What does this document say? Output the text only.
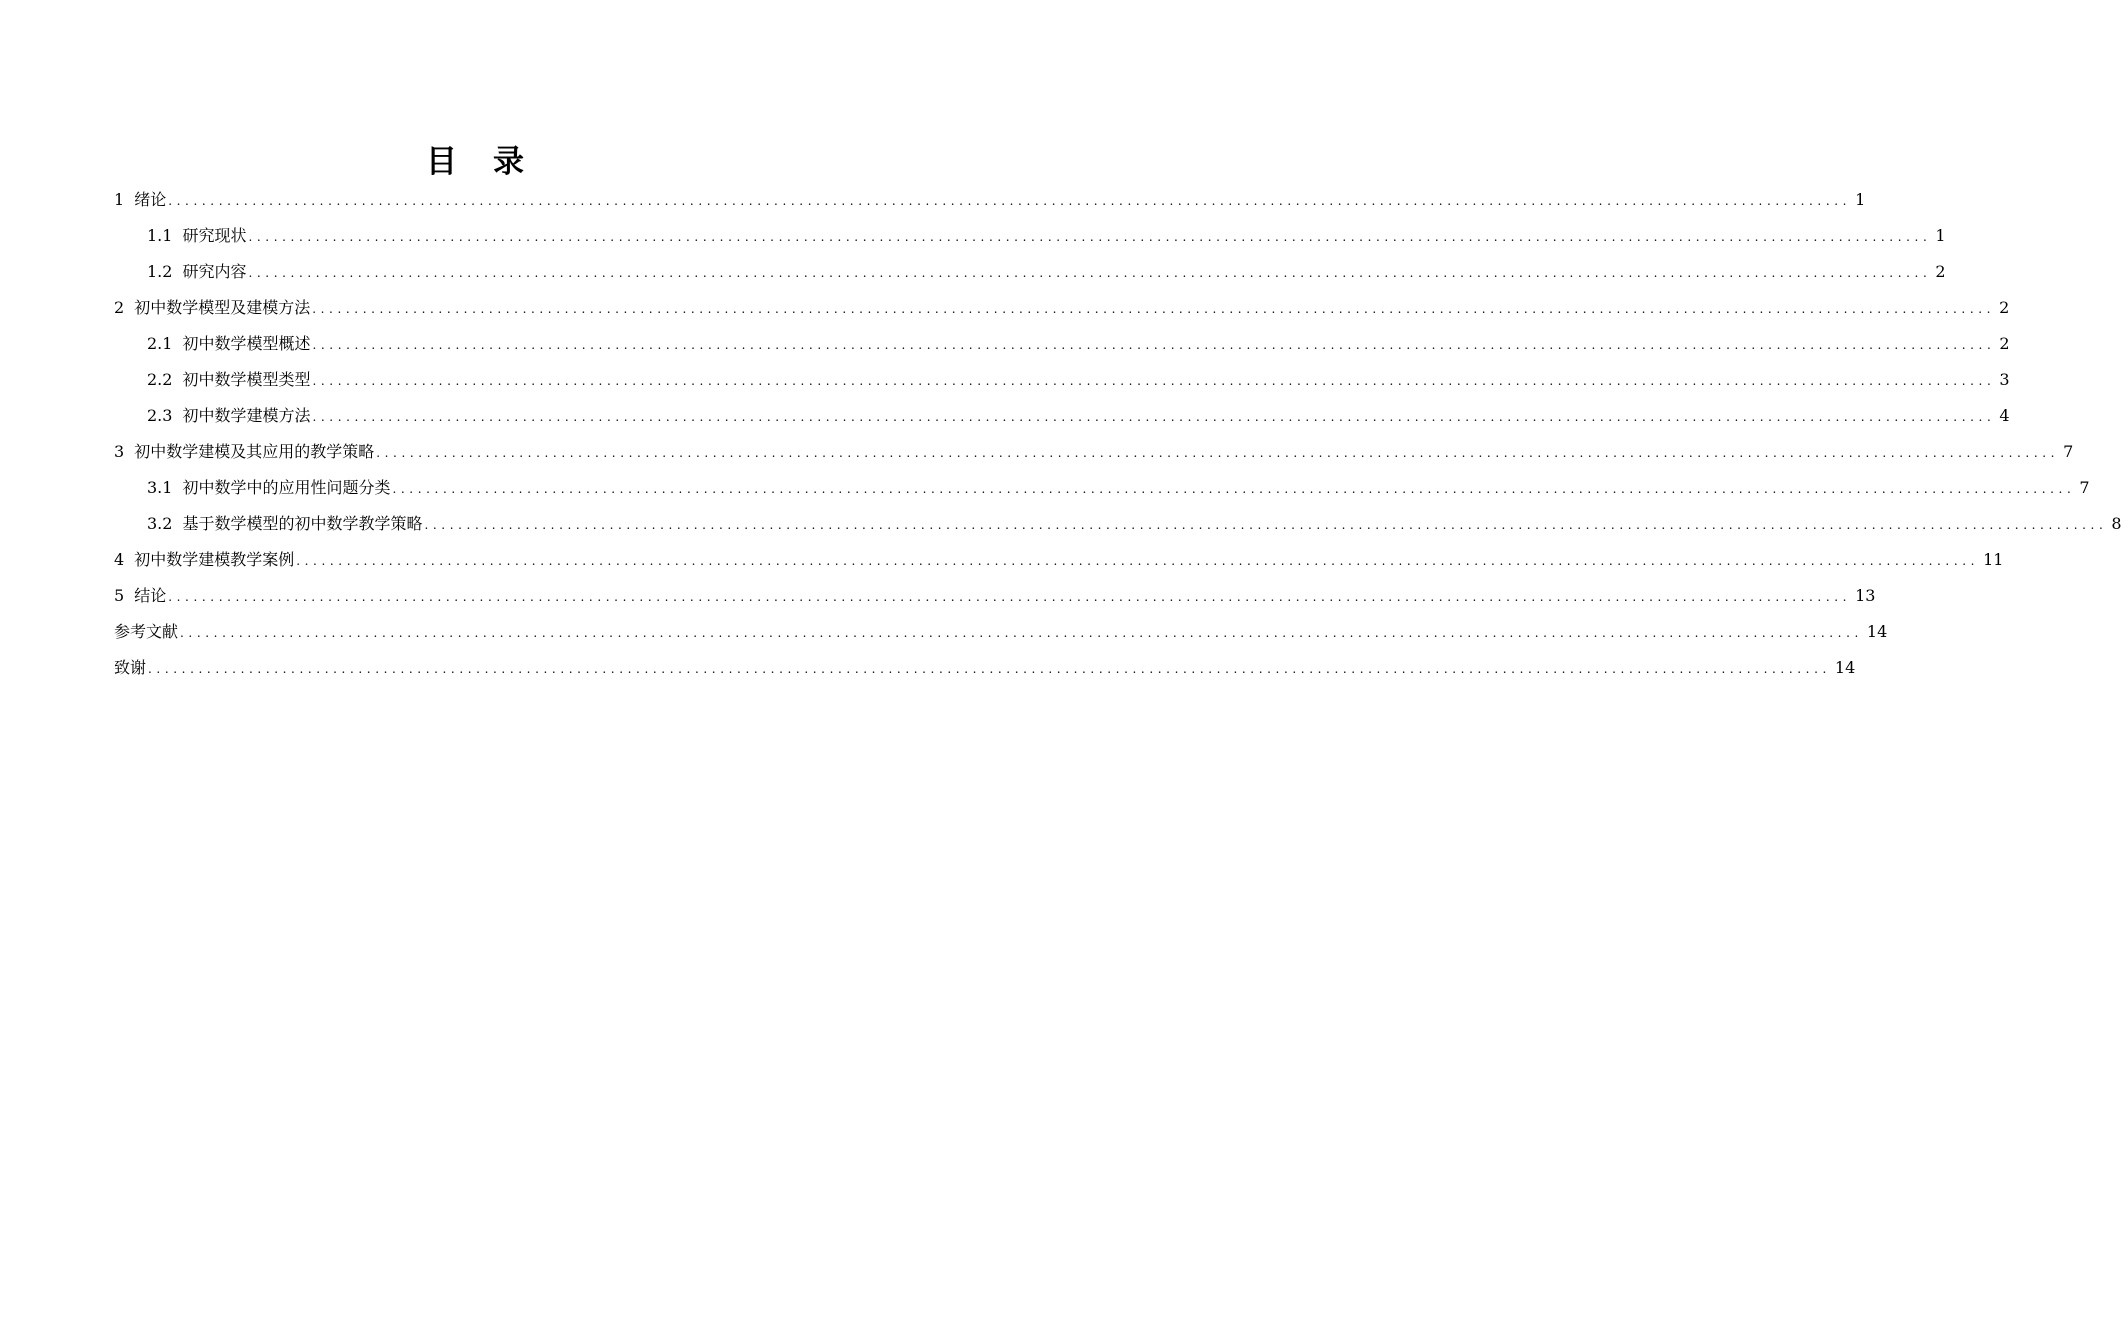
目 录
1 绪论 ........................................................................................................................................................................................................ 1
1.1 研究现状 ........................................................................................................................................................................................................ 1
1.2 研究内容 ........................................................................................................................................................................................................ 2
2 初中数学模型及建模方法 ........................................................................................................................................................................................................ 2
2.1 初中数学模型概述 ........................................................................................................................................................................................................ 2
2.2 初中数学模型类型 ........................................................................................................................................................................................................ 3
2.3 初中数学建模方法 ........................................................................................................................................................................................................ 4
3 初中数学建模及其应用的教学策略 ........................................................................................................................................................................................................ 7
3.1 初中数学中的应用性问题分类 ........................................................................................................................................................................................................ 7
3.2 基于数学模型的初中数学教学策略 ........................................................................................................................................................................................................ 8
4 初中数学建模教学案例 ........................................................................................................................................................................................................ 11
5 结论 ........................................................................................................................................................................................................ 13
参考文献 ........................................................................................................................................................................................................ 14
致谢 ........................................................................................................................................................................................................ 14
